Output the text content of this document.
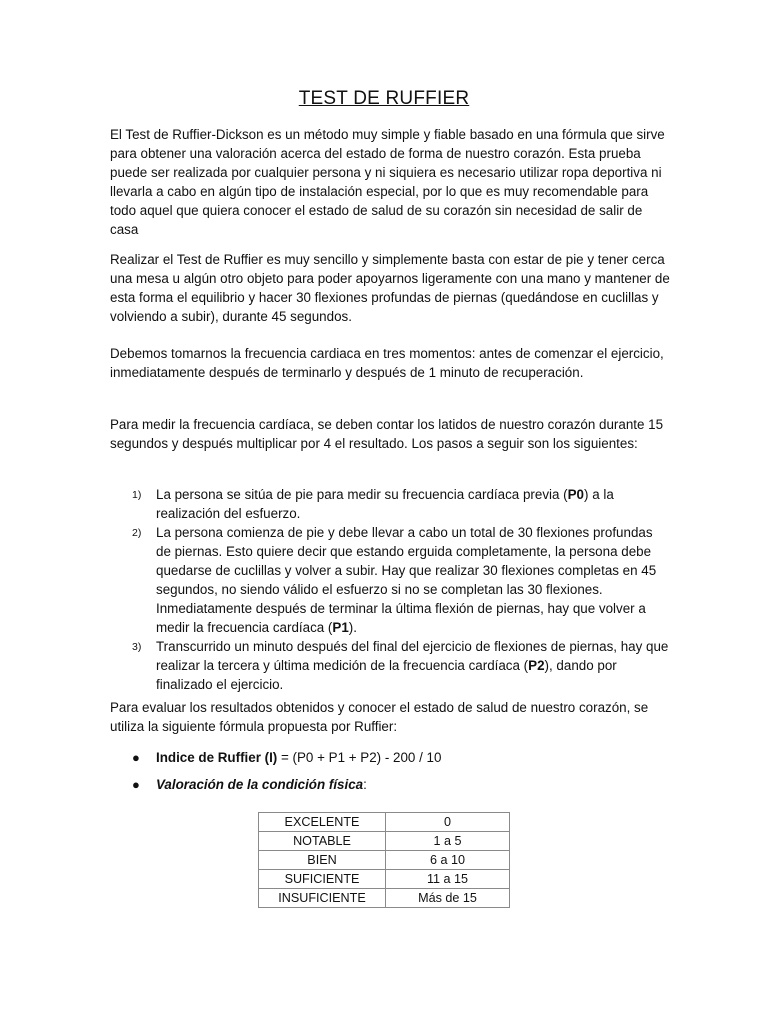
TEST DE RUFFIER
El Test de Ruffier-Dickson es un método muy simple y fiable basado en una fórmula que sirve para obtener una valoración acerca del estado de forma de nuestro corazón. Esta prueba puede ser realizada por cualquier persona y ni siquiera es necesario utilizar ropa deportiva ni llevarla a cabo en algún tipo de instalación especial, por lo que es muy recomendable para todo aquel que quiera conocer el estado de salud de su corazón sin necesidad de salir de casa
Realizar el Test de Ruffier es muy sencillo y simplemente basta con estar de pie y tener cerca una mesa u algún otro objeto para poder apoyarnos ligeramente con una mano y mantener de esta forma el equilibrio y hacer 30 flexiones profundas de piernas (quedándose en cuclillas y volviendo a subir), durante 45 segundos.
Debemos tomarnos la frecuencia cardiaca en tres momentos: antes de comenzar el ejercicio, inmediatamente después de terminarlo y después de 1 minuto de recuperación.
Para medir la frecuencia cardíaca, se deben contar los latidos de nuestro corazón durante 15 segundos y después multiplicar por 4 el resultado. Los pasos a seguir son los siguientes:
1) La persona se sitúa de pie para medir su frecuencia cardíaca previa (P0) a la realización del esfuerzo.
2) La persona comienza de pie y debe llevar a cabo un total de 30 flexiones profundas de piernas. Esto quiere decir que estando erguida completamente, la persona debe quedarse de cuclillas y volver a subir. Hay que realizar 30 flexiones completas en 45 segundos, no siendo válido el esfuerzo si no se completan las 30 flexiones. Inmediatamente después de terminar la última flexión de piernas, hay que volver a medir la frecuencia cardíaca (P1).
3) Transcurrido un minuto después del final del ejercicio de flexiones de piernas, hay que realizar la tercera y última medición de la frecuencia cardíaca (P2), dando por finalizado el ejercicio.
Para evaluar los resultados obtenidos y conocer el estado de salud de nuestro corazón, se utiliza la siguiente fórmula propuesta por Ruffier:
● Indice de Ruffier (I) = (P0 + P1 + P2) - 200 / 10
● Valoración de la condición física:
EXCELENTE	0
NOTABLE	1 a 5
BIEN	6 a 10
SUFICIENTE	11 a 15
INSUFICIENTE	Más de 15
